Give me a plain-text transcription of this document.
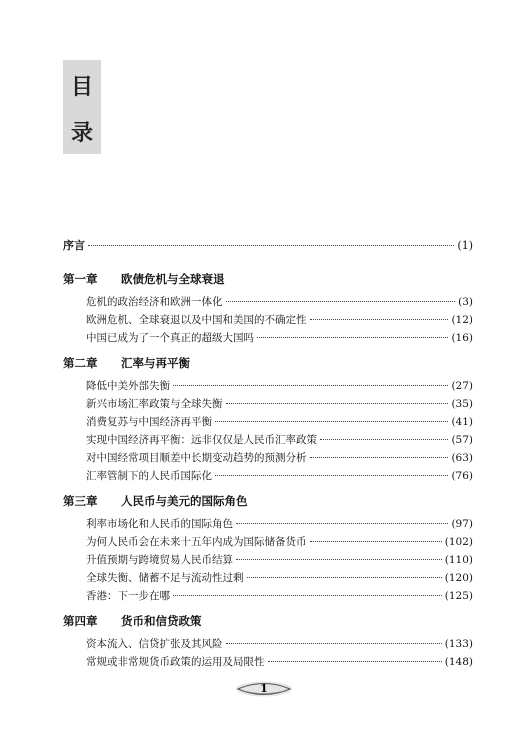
目
录
序言	(1)
第一章 欧债危机与全球衰退
危机的政治经济和欧洲一体化	(3)
欧洲危机、全球衰退以及中国和美国的不确定性	(12)
中国已成为了一个真正的超级大国吗	(16)
第二章 汇率与再平衡
降低中美外部失衡	(27)
新兴市场汇率政策与全球失衡	(35)
消费复苏与中国经济再平衡	(41)
实现中国经济再平衡：远非仅仅是人民币汇率政策	(57)
对中国经常项目顺差中长期变动趋势的预测分析	(63)
汇率管制下的人民币国际化	(76)
第三章 人民币与美元的国际角色
利率市场化和人民币的国际角色	(97)
为何人民币会在未来十五年内成为国际储备货币	(102)
升值预期与跨境贸易人民币结算	(110)
全球失衡、储蓄不足与流动性过剩	(120)
香港：下一步在哪	(125)
第四章 货币和信贷政策
资本流入、信贷扩张及其风险	(133)
常规或非常规货币政策的运用及局限性	(148)
1
